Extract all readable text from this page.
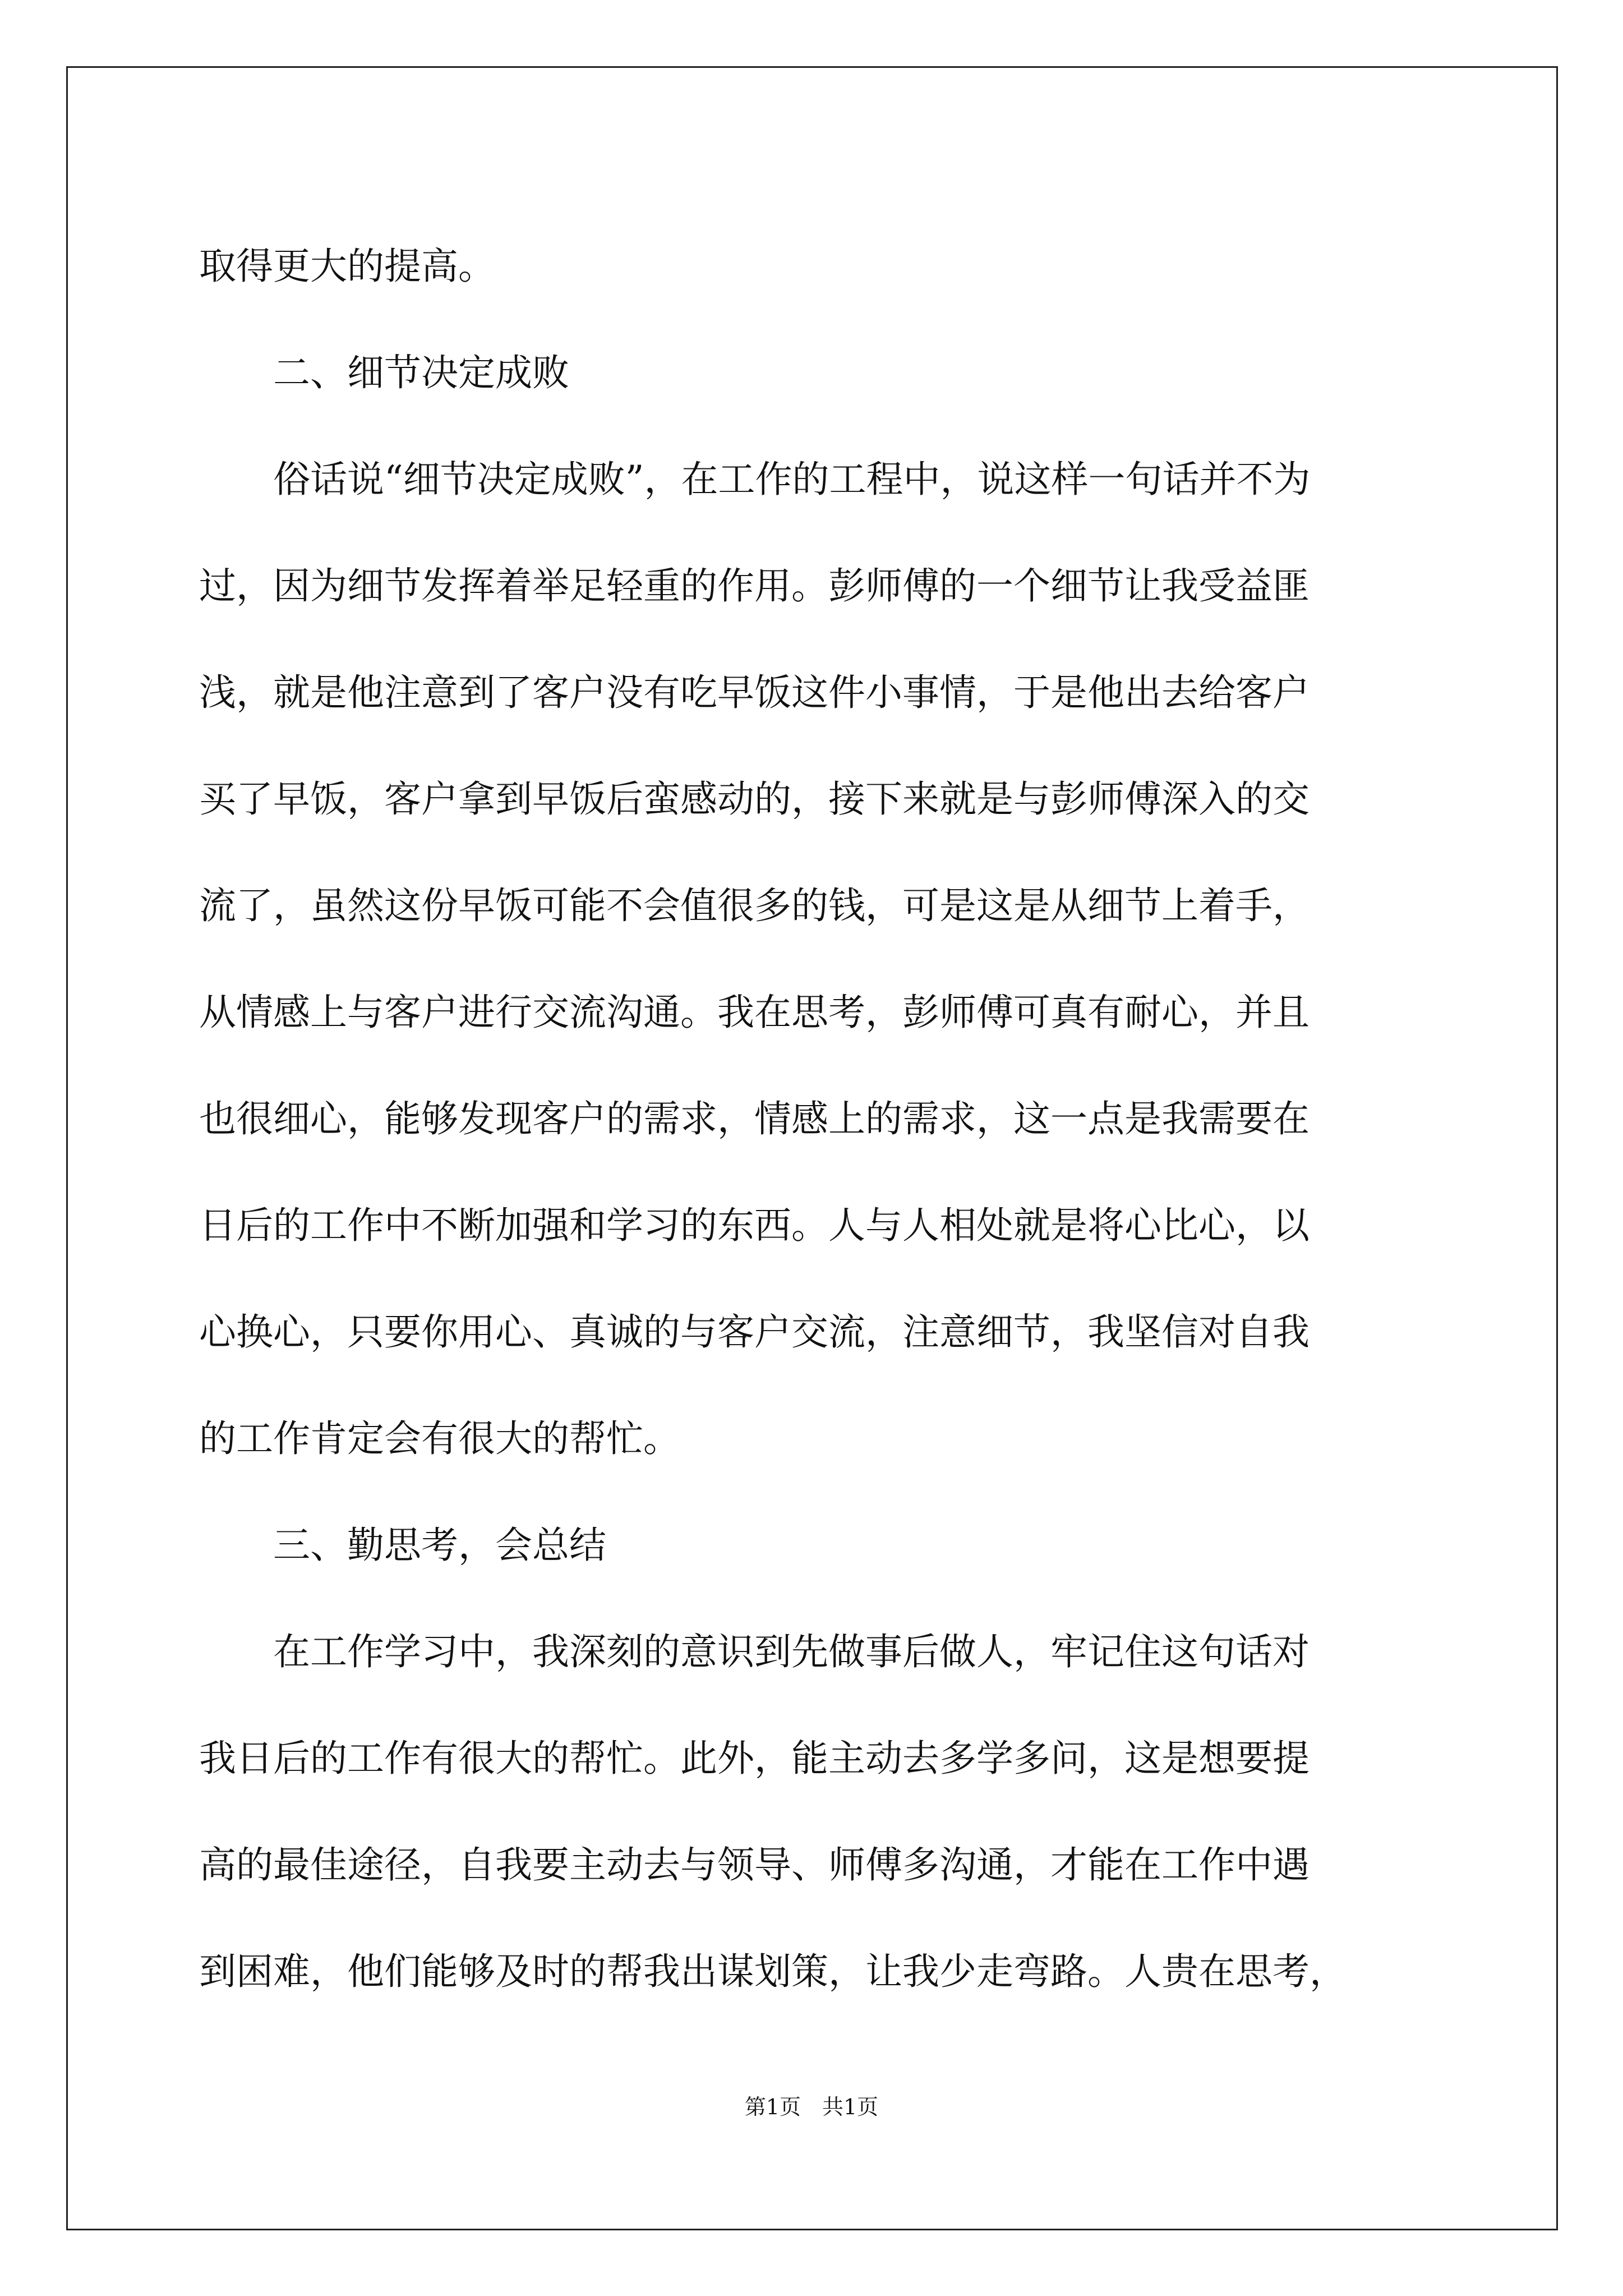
取得更大的提高。

　　二、细节决定成败

　　俗话说“细节决定成败”，在工作的工程中，说这样一句话并不为

过，因为细节发挥着举足轻重的作用。彭师傅的一个细节让我受益匪

浅，就是他注意到了客户没有吃早饭这件小事情，于是他出去给客户

买了早饭，客户拿到早饭后蛮感动的，接下来就是与彭师傅深入的交

流了，虽然这份早饭可能不会值很多的钱，可是这是从细节上着手，

从情感上与客户进行交流沟通。我在思考，彭师傅可真有耐心，并且

也很细心，能够发现客户的需求，情感上的需求，这一点是我需要在

日后的工作中不断加强和学习的东西。人与人相处就是将心比心，以

心换心，只要你用心、真诚的与客户交流，注意细节，我坚信对自我

的工作肯定会有很大的帮忙。

　　三、勤思考，会总结

　　在工作学习中，我深刻的意识到先做事后做人，牢记住这句话对

我日后的工作有很大的帮忙。此外，能主动去多学多问，这是想要提

高的最佳途径，自我要主动去与领导、师傅多沟通，才能在工作中遇

到困难，他们能够及时的帮我出谋划策，让我少走弯路。人贵在思考，

第1页　共1页
